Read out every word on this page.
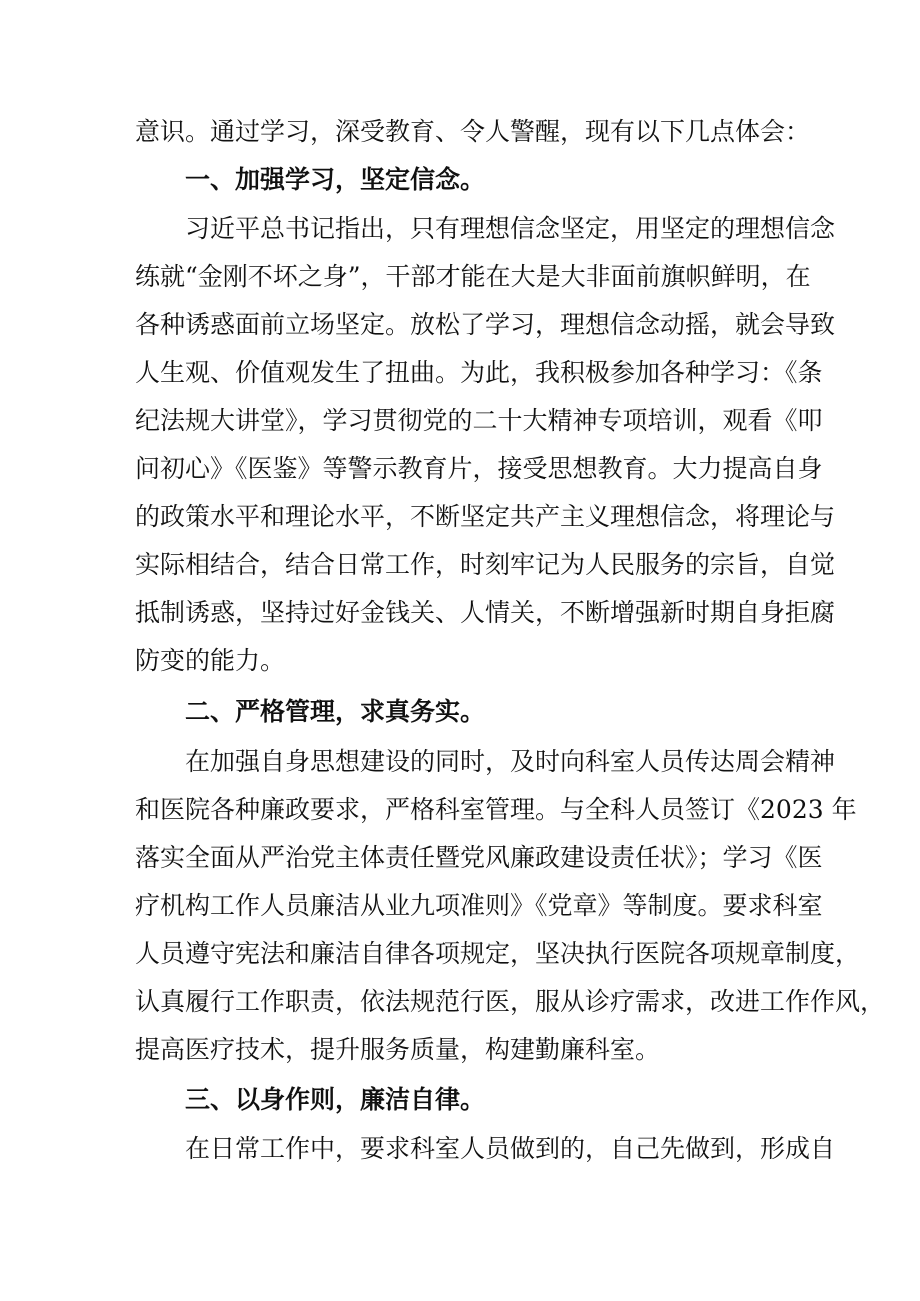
意识。通过学习，深受教育、令人警醒，现有以下几点体会：
一、加强学习，坚定信念。
习近平总书记指出，只有理想信念坚定，用坚定的理想信念
练就“金刚不坏之身”，干部才能在大是大非面前旗帜鲜明，在
各种诱惑面前立场坚定。放松了学习，理想信念动摇，就会导致
人生观、价值观发生了扭曲。为此，我积极参加各种学习：《条
纪法规大讲堂》，学习贯彻党的二十大精神专项培训，观看《叩
问初心》《医鉴》等警示教育片，接受思想教育。大力提高自身
的政策水平和理论水平，不断坚定共产主义理想信念，将理论与
实际相结合，结合日常工作，时刻牢记为人民服务的宗旨，自觉
抵制诱惑，坚持过好金钱关、人情关，不断增强新时期自身拒腐
防变的能力。
二、严格管理，求真务实。
在加强自身思想建设的同时，及时向科室人员传达周会精神
和医院各种廉政要求，严格科室管理。与全科人员签订《2023 年
落实全面从严治党主体责任暨党风廉政建设责任状》；学习《医
疗机构工作人员廉洁从业九项准则》《党章》等制度。要求科室
人员遵守宪法和廉洁自律各项规定，坚决执行医院各项规章制度，
认真履行工作职责，依法规范行医，服从诊疗需求，改进工作作风，
提高医疗技术，提升服务质量，构建勤廉科室。
三、以身作则，廉洁自律。
在日常工作中，要求科室人员做到的，自己先做到，形成自
